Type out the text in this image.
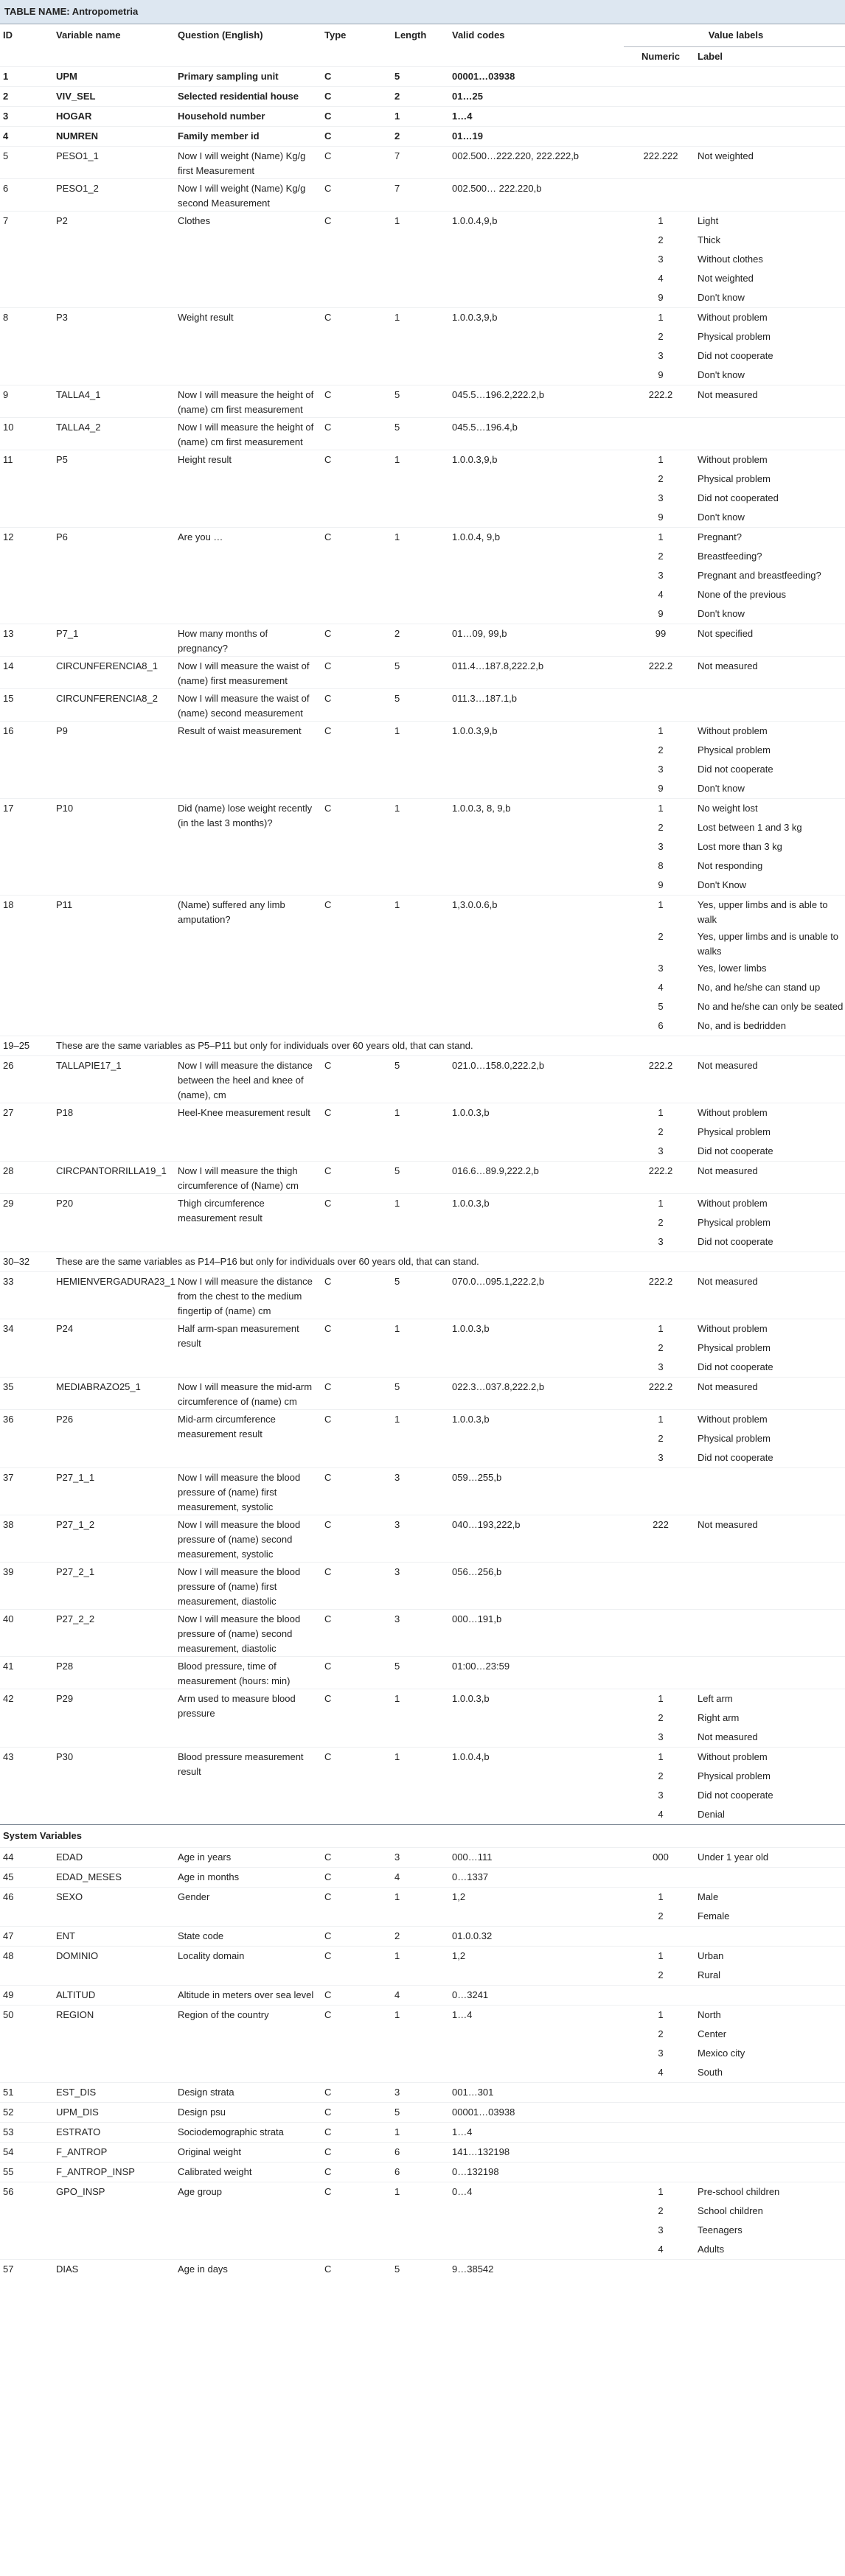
TABLE NAME: Antropometria							
ID	Variable name	Question (English)	Type	Length	Valid codes	Value labels	
						Numeric	Label
1	UPM	Primary sampling unit	C	5	00001…03938		
2	VIV_SEL	Selected residential house	C	2	01…25		
3	HOGAR	Household number	C	1	1…4		
4	NUMREN	Family member id	C	2	01…19		
5	PESO1_1	Now I will weight (Name) Kg/g first Measurement	C	7	002.500…222.220, 222.222,b	222.222	Not weighted
6	PESO1_2	Now I will weight (Name) Kg/g second Measurement	C	7	002.500… 222.220,b		
7	P2	Clothes	C	1	1.0.0.4,9,b	1	Light
						2	Thick
						3	Without clothes
						4	Not weighted
						9	Don't know
8	P3	Weight result	C	1	1.0.0.3,9,b	1	Without problem
						2	Physical problem
						3	Did not cooperate
						9	Don't know
9	TALLA4_1	Now I will measure the height of (name) cm first measurement	C	5	045.5…196.2,222.2,b	222.2	Not measured
10	TALLA4_2	Now I will measure the height of (name) cm first measurement	C	5	045.5…196.4,b		
11	P5	Height result	C	1	1.0.0.3,9,b	1	Without problem
						2	Physical problem
						3	Did not cooperated
						9	Don't know
12	P6	Are you …	C	1	1.0.0.4, 9,b	1	Pregnant?
						2	Breastfeeding?
						3	Pregnant and breastfeeding?
						4	None of the previous
						9	Don't know
13	P7_1	How many months of pregnancy?	C	2	01…09, 99,b	99	Not specified
14	CIRCUNFERENCIA8_1	Now I will measure the waist of (name) first measurement	C	5	011.4…187.8,222.2,b	222.2	Not measured
15	CIRCUNFERENCIA8_2	Now I will measure the waist of (name) second measurement	C	5	011.3…187.1,b		
16	P9	Result of waist measurement	C	1	1.0.0.3,9,b	1	Without problem
						2	Physical problem
						3	Did not cooperate
						9	Don't know
17	P10	Did (name) lose weight recently (in the last 3 months)?	C	1	1.0.0.3, 8, 9,b	1	No weight lost
						2	Lost between 1 and 3 kg
						3	Lost more than 3 kg
						8	Not responding
						9	Don't Know
18	P11	(Name) suffered any limb amputation?	C	1	1,3.0.0.6,b	1	Yes, upper limbs and is able to walk
						2	Yes, upper limbs and is unable to walks
						3	Yes, lower limbs
						4	No, and he/she can stand up
						5	No and he/she can only be seated
						6	No, and is bedridden
19–25	These are the same variables as P5–P11 but only for individuals over 60 years old, that can stand.						
26	TALLAPIE17_1	Now I will measure the distance between the heel and knee of (name), cm	C	5	021.0…158.0,222.2,b	222.2	Not measured
27	P18	Heel-Knee measurement result	C	1	1.0.0.3,b	1	Without problem
						2	Physical problem
						3	Did not cooperate
28	CIRCPANTORRILLA19_1	Now I will measure the thigh circumference of (Name) cm	C	5	016.6…89.9,222.2,b	222.2	Not measured
29	P20	Thigh circumference measurement result	C	1	1.0.0.3,b	1	Without problem
						2	Physical problem
						3	Did not cooperate
30–32	These are the same variables as P14–P16 but only for individuals over 60 years old, that can stand.						
33	HEMIENVERGADURA23_1	Now I will measure the distance from the chest to the medium fingertip of (name) cm	C	5	070.0…095.1,222.2,b	222.2	Not measured
34	P24	Half arm-span measurement result	C	1	1.0.0.3,b	1	Without problem
						2	Physical problem
						3	Did not cooperate
35	MEDIABRAZO25_1	Now I will measure the mid-arm circumference of (name) cm	C	5	022.3…037.8,222.2,b	222.2	Not measured
36	P26	Mid-arm circumference measurement result	C	1	1.0.0.3,b	1	Without problem
						2	Physical problem
						3	Did not cooperate
37	P27_1_1	Now I will measure the blood pressure of (name) first measurement, systolic	C	3	059…255,b		
38	P27_1_2	Now I will measure the blood pressure of (name) second measurement, systolic	C	3	040…193,222,b	222	Not measured
39	P27_2_1	Now I will measure the blood pressure of (name) first measurement, diastolic	C	3	056…256,b		
40	P27_2_2	Now I will measure the blood pressure of (name) second measurement, diastolic	C	3	000…191,b		
41	P28	Blood pressure, time of measurement (hours: min)	C	5	01:00…23:59		
42	P29	Arm used to measure blood pressure	C	1	1.0.0.3,b	1	Left arm
						2	Right arm
						3	Not measured
43	P30	Blood pressure measurement result	C	1	1.0.0.4,b	1	Without problem
						2	Physical problem
						3	Did not cooperate
						4	Denial
System Variables							
44	EDAD	Age in years	C	3	000…111	000	Under 1 year old
45	EDAD_MESES	Age in months	C	4	0…1337		
46	SEXO	Gender	C	1	1,2	1	Male
						2	Female
47	ENT	State code	C	2	01.0.0.32		
48	DOMINIO	Locality domain	C	1	1,2	1	Urban
						2	Rural
49	ALTITUD	Altitude in meters over sea level	C	4	0…3241		
50	REGION	Region of the country	C	1	1…4	1	North
						2	Center
						3	Mexico city
						4	South
51	EST_DIS	Design strata	C	3	001…301		
52	UPM_DIS	Design psu	C	5	00001…03938		
53	ESTRATO	Sociodemographic strata	C	1	1…4		
54	F_ANTROP	Original weight	C	6	141…132198		
55	F_ANTROP_INSP	Calibrated weight	C	6	0…132198		
56	GPO_INSP	Age group	C	1	0…4	1	Pre-school children
						2	School children
						3	Teenagers
						4	Adults
57	DIAS	Age in days	C	5	9…38542		
